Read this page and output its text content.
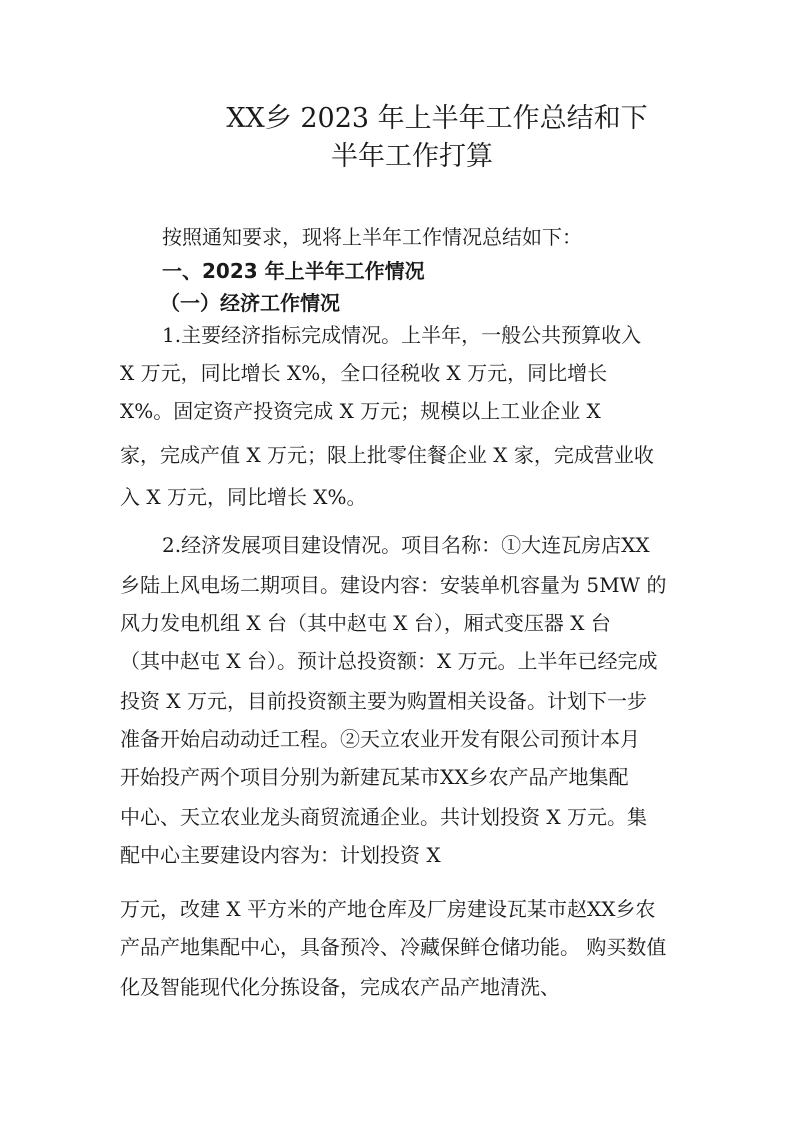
XX乡 2023 年上半年工作总结和下
半年工作打算
按照通知要求，现将上半年工作情况总结如下：
一、2023 年上半年工作情况
（一）经济工作情况
1.主要经济指标完成情况。上半年，一般公共预算收入
X 万元，同比增长 X%，全口径税收 X 万元，同比增长
X%。固定资产投资完成 X 万元；规模以上工业企业 X
家，完成产值 X 万元；限上批零住餐企业 X 家，完成营业收
入 X 万元，同比增长 X%。
2.经济发展项目建设情况。项目名称：①大连瓦房店XX
乡陆上风电场二期项目。建设内容：安装单机容量为 5MW 的
风力发电机组 X 台（其中赵屯 X 台），厢式变压器 X 台
（其中赵屯 X 台）。预计总投资额：X 万元。上半年已经完成
投资 X 万元，目前投资额主要为购置相关设备。计划下一步
准备开始启动动迁工程。②天立农业开发有限公司预计本月
开始投产两个项目分别为新建瓦某市XX乡农产品产地集配
中心、天立农业龙头商贸流通企业。共计划投资 X 万元。集
配中心主要建设内容为：计划投资 X
万元，改建 X 平方米的产地仓库及厂房建设瓦某市赵XX乡农
产品产地集配中心，具备预冷、冷藏保鲜仓储功能。 购买数值
化及智能现代化分拣设备，完成农产品产地清洗、
